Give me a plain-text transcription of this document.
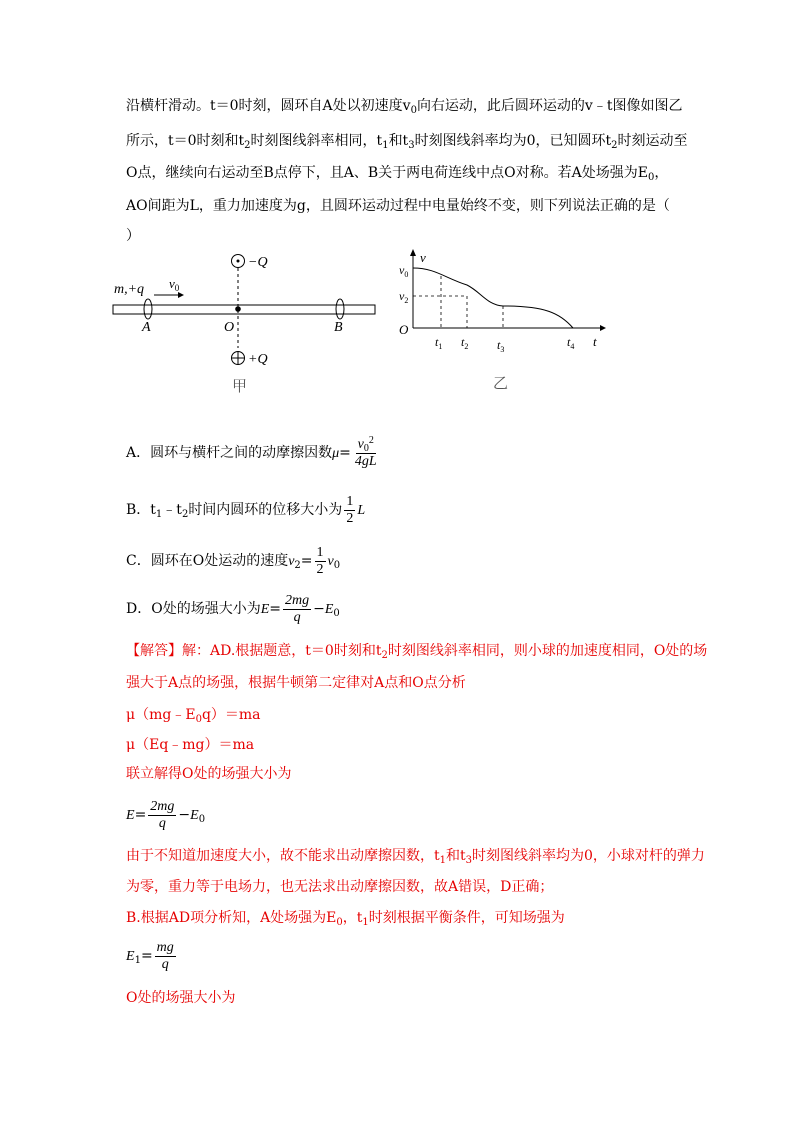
沿横杆滑动。t＝0时刻，圆环自A处以初速度$v_0$向右运动，此后圆环运动的v﹣t图像如图乙
所示，t＝0时刻和$t_2$时刻图线斜率相同，$t_1$和$t_3$时刻图线斜率均为0，已知圆环$t_2$时刻运动至
O点，继续向右运动至B点停下，且A、B关于两电荷连线中点O对称。若A处场强为$E_0$，
AO间距为L，重力加速度为g，且圆环运动过程中电量始终不变，则下列说法正确的是（
）
−Q
+Q
O
A	B
m,+q $v_0$
甲
v
t
O
$v_0$
$v_2$
$t_1$ $t_2$ $t_3$
$t_4$
乙
A．圆环与横杆之间的动摩擦因数$\mu= \frac{v_0^2}{4gL}$
B．$t_1﹣t_2$时间内圆环的位移大小为 $\frac{1}{2}$ L
C．圆环在O处运动的速度$v_2= \frac{1}{2} v_0$
D．O处的场强大小为$E= \frac{2mg}{q} -E_0$
【解答】解：AD.根据题意，t＝0时刻和$t_2$时刻图线斜率相同，则小球的加速度相同，O处的场
强大于A点的场强，根据牛顿第二定律对A点和O点分析
$\mu(mg﹣E_0q)=ma$
μ（Eq﹣mg）＝ma
联立解得O处的场强大小为
$E= \frac{2mg}{q} -E_0$
由于不知道加速度大小，故不能求出动摩擦因数，$t_1$和$t_3$时刻图线斜率均为0，小球对杆的弹力
为零，重力等于电场力，也无法求出动摩擦因数，故A错误，D正确；
B.根据AD项分析知，A处场强为$E_0$，$t_1$时刻根据平衡条件，可知场强为
$E_1= \frac{mg}{q}$
O处的场强大小为
